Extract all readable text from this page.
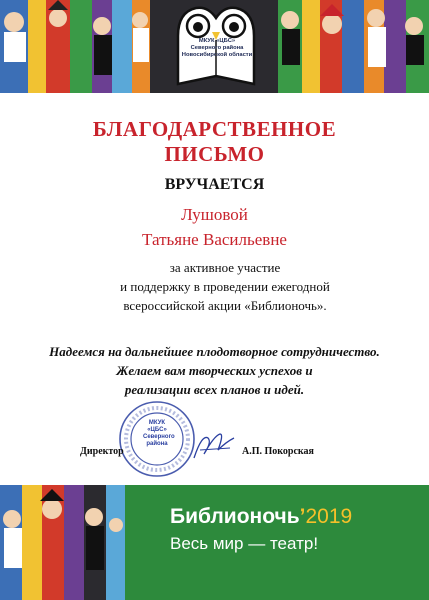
МКУК «ЦБС»
Северного района
Новосибирской области
БЛАГОДАРСТВЕННОЕ
ПИСЬМО
ВРУЧАЕТСЯ
Лушовой
Татьяне Васильевне
за активное участие
и поддержку в проведении ежегодной
всероссийской акции «Библионочь».
Надеемся на дальнейшее плодотворное сотрудничество.
Желаем вам творческих успехов и
реализации всех планов и идей.
МКУК
«ЦБС»
Северного
района
Директор	А.П. Покорская
Библионочь’2019
Весь мир — театр!
